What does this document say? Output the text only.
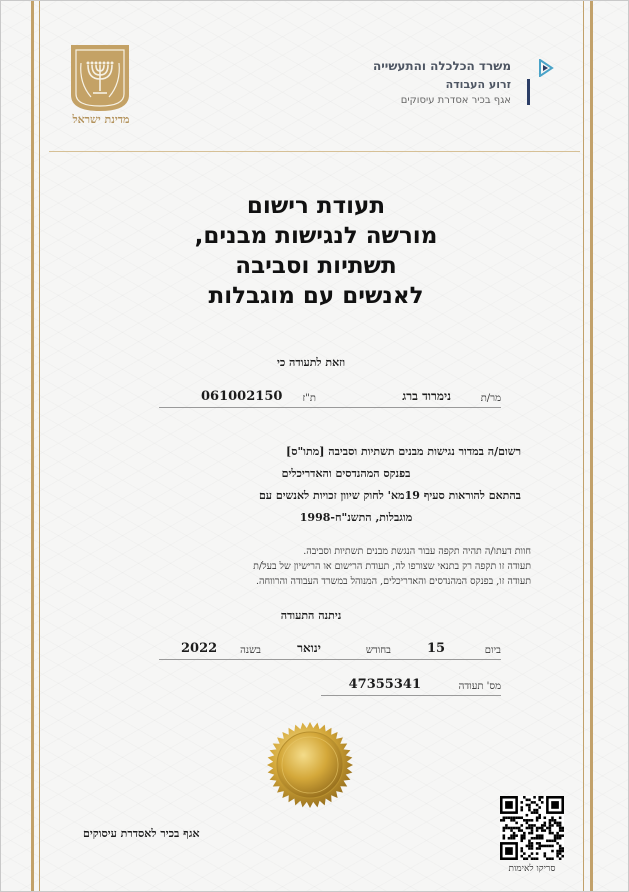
מדינת ישראל
משרד הכלכלה והתעשייה
זרוע העבודה
אגף בכיר אסדרת עיסוקים
תעודת רישום
מורשה לנגישות מבנים,
תשתיות וסביבה
לאנשים עם מוגבלות
וזאת לתעודה כי
מר/ת
נימרוד ברג
ת"ז
061002150
רשום/ה במדור נגישות מבנים תשתיות וסביבה [מתו"ס]
בפנקס המהנדסים והאדריכלים
בהתאם להוראות סעיף 19מא' לחוק שיוון זכויות לאנשים עם
מוגבלות, התשנ"ח-1998
חוות דעתו/ה תהיה תקפה עבור הנגשת מבנים תשתיות וסביבה.
תעודה זו תקפה רק בתנאי שצורפו לה, תעודת הרישום או הרישיון של בעל/ת
תעודה זו, בפנקס המהנדסים והאדריכלים, המנוהל במשרד העבודה והרווחה.
ניתנה התעודה
ביום
15
בחודש
ינואר
בשנה
2022
מס' תעודה
47355341
אגף בכיר לאסדרת עיסוקים
סריקו לאימות
